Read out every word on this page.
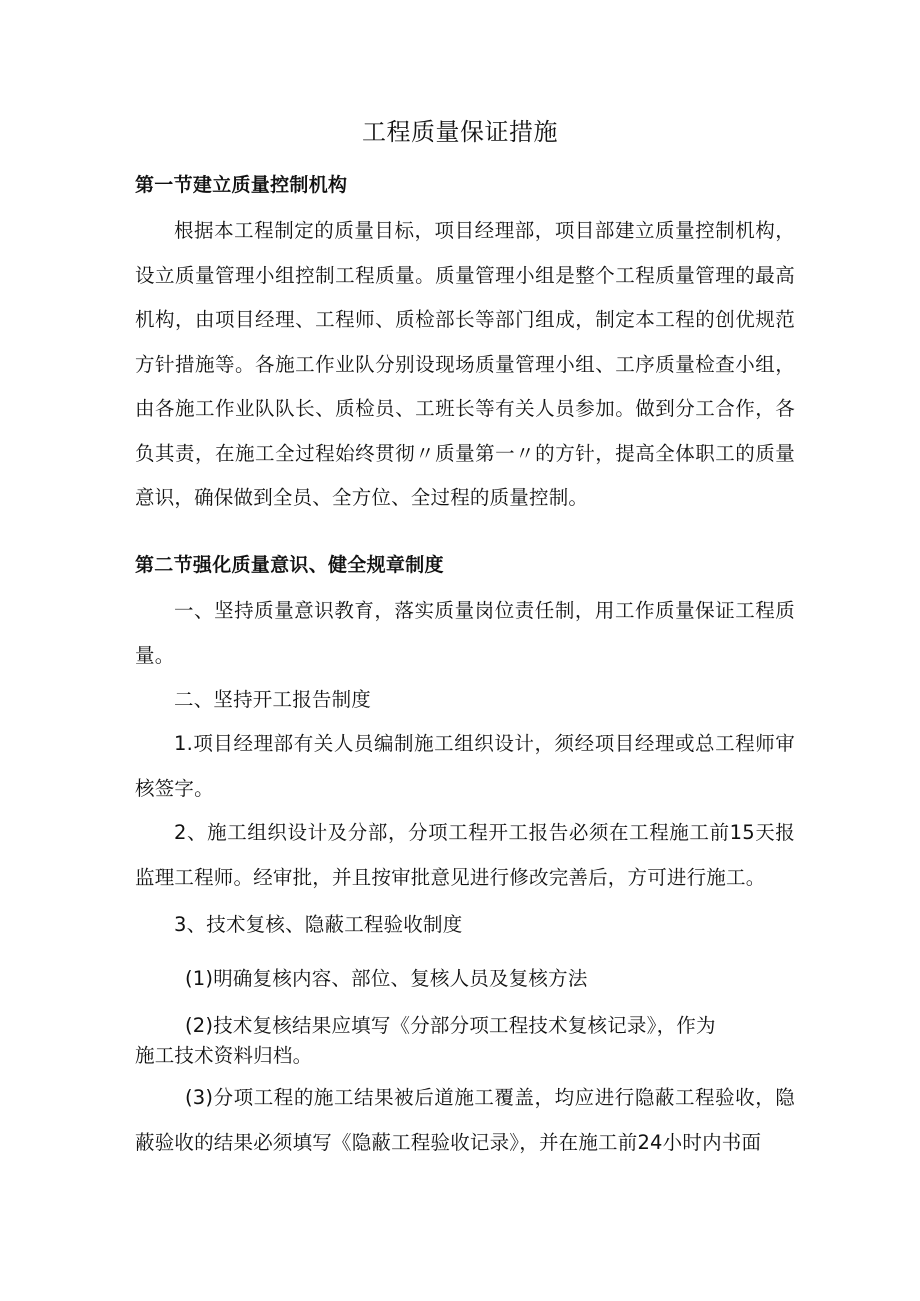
工程质量保证措施
第一节建立质量控制机构
根据本工程制定的质量目标，项目经理部，项目部建立质量控制机构，设立质量管理小组控制工程质量。质量管理小组是整个工程质量管理的最高机构，由项目经理、工程师、质检部长等部门组成，制定本工程的创优规范方针措施等。各施工作业队分别设现场质量管理小组、工序质量检查小组，由各施工作业队队长、质检员、工班长等有关人员参加。做到分工合作，各负其责，在施工全过程始终贯彻〃质量第一〃的方针，提高全体职工的质量意识，确保做到全员、全方位、全过程的质量控制。
第二节强化质量意识、健全规章制度
一、坚持质量意识教育，落实质量岗位责任制，用工作质量保证工程质量。
二、坚持开工报告制度
1.项目经理部有关人员编制施工组织设计，须经项目经理或总工程师审核签字。
2、施工组织设计及分部，分项工程开工报告必须在工程施工前15天报监理工程师。经审批，并且按审批意见进行修改完善后，方可进行施工。
3、技术复核、隐蔽工程验收制度
(1)明确复核内容、部位、复核人员及复核方法
(2)技术复核结果应填写《分部分项工程技术复核记录》，作为
施工技术资料归档。
(3)分项工程的施工结果被后道施工覆盖，均应进行隐蔽工程验收，隐蔽验收的结果必须填写《隐蔽工程验收记录》，并在施工前24小时内书面
